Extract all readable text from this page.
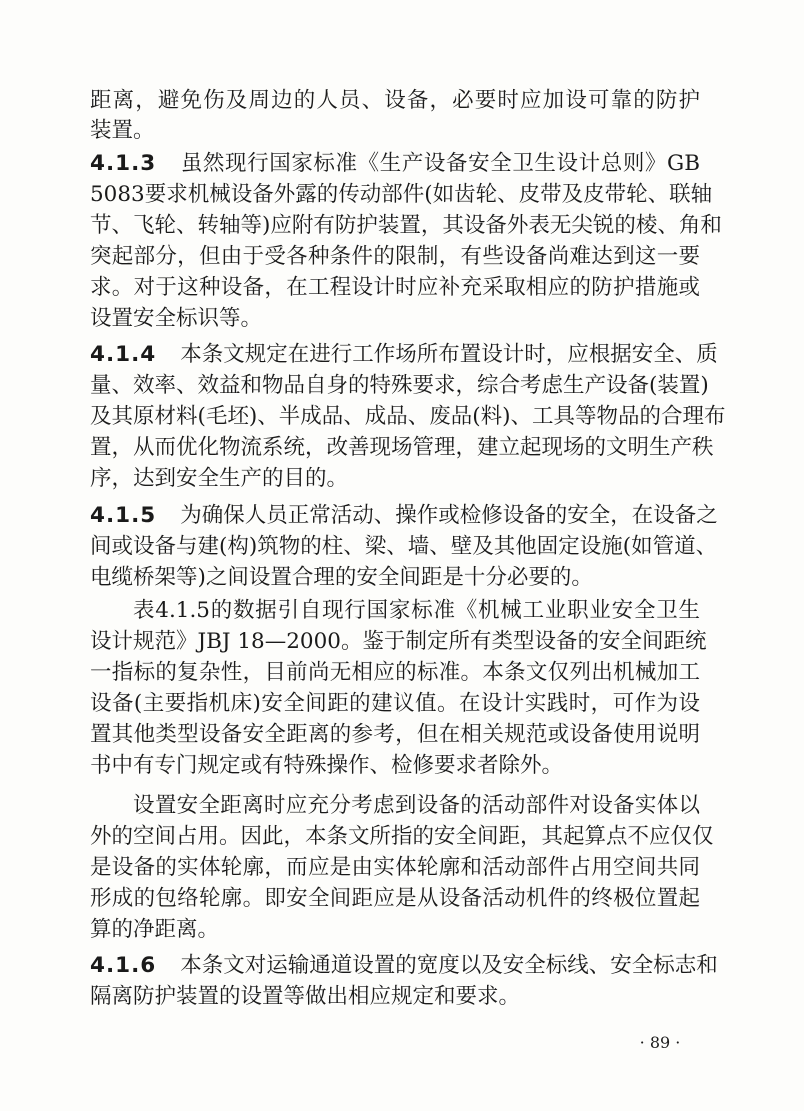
距离，避免伤及周边的人员、设备，必要时应加设可靠的防护
装置。
4.1.3 虽然现行国家标准《生产设备安全卫生设计总则》GB
5083要求机械设备外露的传动部件(如齿轮、皮带及皮带轮、联轴
节、飞轮、转轴等)应附有防护装置，其设备外表无尖锐的棱、角和
突起部分，但由于受各种条件的限制，有些设备尚难达到这一要
求。对于这种设备，在工程设计时应补充采取相应的防护措施或
设置安全标识等。
4.1.4 本条文规定在进行工作场所布置设计时，应根据安全、质
量、效率、效益和物品自身的特殊要求，综合考虑生产设备(装置)
及其原材料(毛坯)、半成品、成品、废品(料)、工具等物品的合理布
置，从而优化物流系统，改善现场管理，建立起现场的文明生产秩
序，达到安全生产的目的。
4.1.5 为确保人员正常活动、操作或检修设备的安全，在设备之
间或设备与建(构)筑物的柱、梁、墙、壁及其他固定设施(如管道、
电缆桥架等)之间设置合理的安全间距是十分必要的。
表4.1.5的数据引自现行国家标准《机械工业职业安全卫生
设计规范》JBJ 18—2000。鉴于制定所有类型设备的安全间距统
一指标的复杂性，目前尚无相应的标准。本条文仅列出机械加工
设备(主要指机床)安全间距的建议值。在设计实践时，可作为设
置其他类型设备安全距离的参考，但在相关规范或设备使用说明
书中有专门规定或有特殊操作、检修要求者除外。
设置安全距离时应充分考虑到设备的活动部件对设备实体以
外的空间占用。因此，本条文所指的安全间距，其起算点不应仅仅
是设备的实体轮廓，而应是由实体轮廓和活动部件占用空间共同
形成的包络轮廓。即安全间距应是从设备活动机件的终极位置起
算的净距离。
4.1.6 本条文对运输通道设置的宽度以及安全标线、安全标志和
隔离防护装置的设置等做出相应规定和要求。
· 89 ·
